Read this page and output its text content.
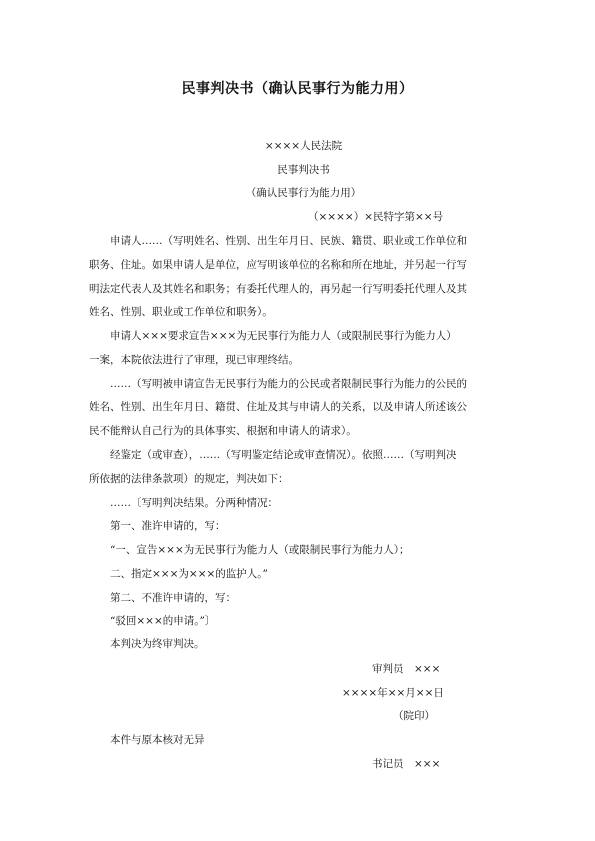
民事判决书（确认民事行为能力用）
××××人民法院
民事判决书
（确认民事行为能力用）
（××××）×民特字第××号
申请人……（写明姓名、性别、出生年月日、民族、籍贯、职业或工作单位和
职务、住址。如果申请人是单位，应写明该单位的名称和所在地址，并另起一行写
明法定代表人及其姓名和职务；有委托代理人的，再另起一行写明委托代理人及其
姓名、性别、职业或工作单位和职务）。
申请人×××要求宣告×××为无民事行为能力人（或限制民事行为能力人）
一案，本院依法进行了审理，现已审理终结。
……（写明被申请宣告无民事行为能力的公民或者限制民事行为能力的公民的
姓名、性别、出生年月日、籍贯、住址及其与申请人的关系，以及申请人所述该公
民不能辩认自己行为的具体事实、根据和申请人的请求）。
经鉴定（或审查），……（写明鉴定结论或审查情况）。依照……（写明判决
所依据的法律条款项）的规定，判决如下：
……〔写明判决结果。分两种情况：
第一、准许申请的，写：
“一、宣告×××为无民事行为能力人（或限制民事行为能力人）；
二、指定×××为×××的监护人。”
第二、不准许申请的，写：
“驳回×××的申请。”〕
本判决为终审判决。
审判员　×××
××××年××月××日
（院印）
本件与原本核对无异
书记员　×××
